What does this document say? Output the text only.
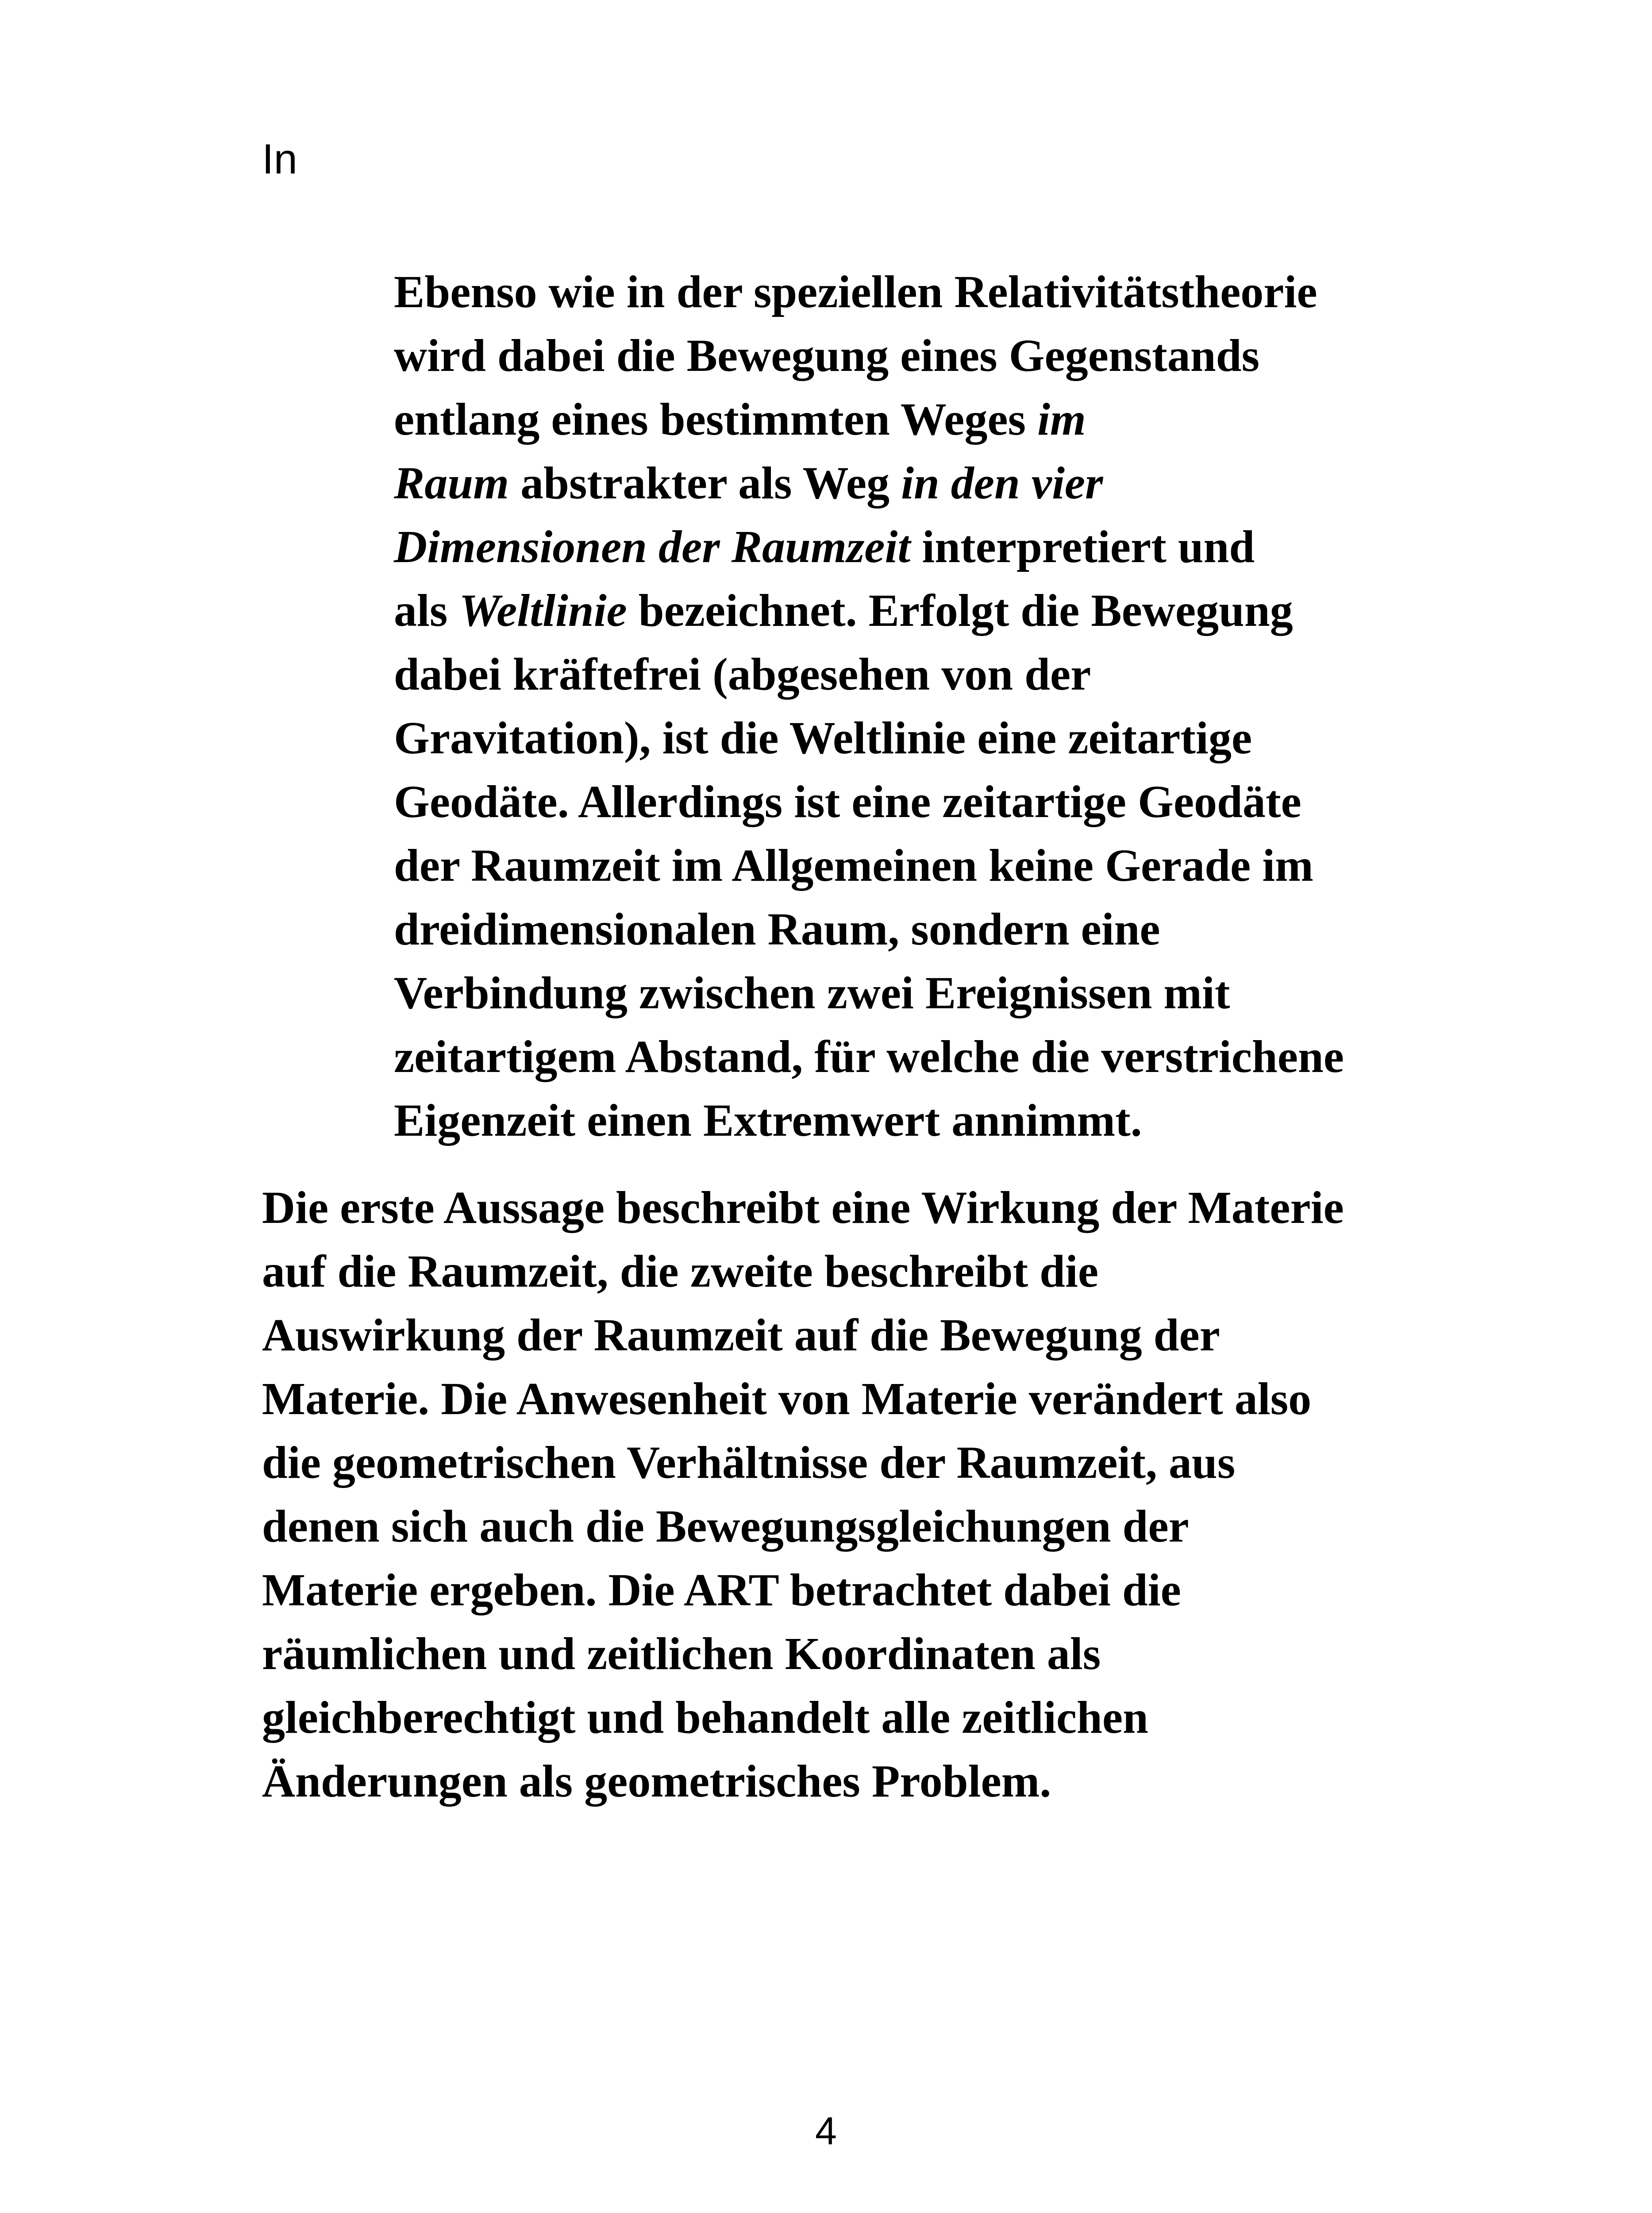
In
Ebenso wie in der speziellen Relativitätstheorie
wird dabei die Bewegung eines Gegenstands
entlang eines bestimmten Weges im
Raum abstrakter als Weg in den vier
Dimensionen der Raumzeit interpretiert und
als Weltlinie bezeichnet. Erfolgt die Bewegung
dabei kräftefrei (abgesehen von der
Gravitation), ist die Weltlinie eine zeitartige
Geodäte. Allerdings ist eine zeitartige Geodäte
der Raumzeit im Allgemeinen keine Gerade im
dreidimensionalen Raum, sondern eine
Verbindung zwischen zwei Ereignissen mit
zeitartigem Abstand, für welche die verstrichene
Eigenzeit einen Extremwert annimmt.
Die erste Aussage beschreibt eine Wirkung der Materie
auf die Raumzeit, die zweite beschreibt die
Auswirkung der Raumzeit auf die Bewegung der
Materie. Die Anwesenheit von Materie verändert also
die geometrischen Verhältnisse der Raumzeit, aus
denen sich auch die Bewegungsgleichungen der
Materie ergeben. Die ART betrachtet dabei die
räumlichen und zeitlichen Koordinaten als
gleichberechtigt und behandelt alle zeitlichen
Änderungen als geometrisches Problem.
4
